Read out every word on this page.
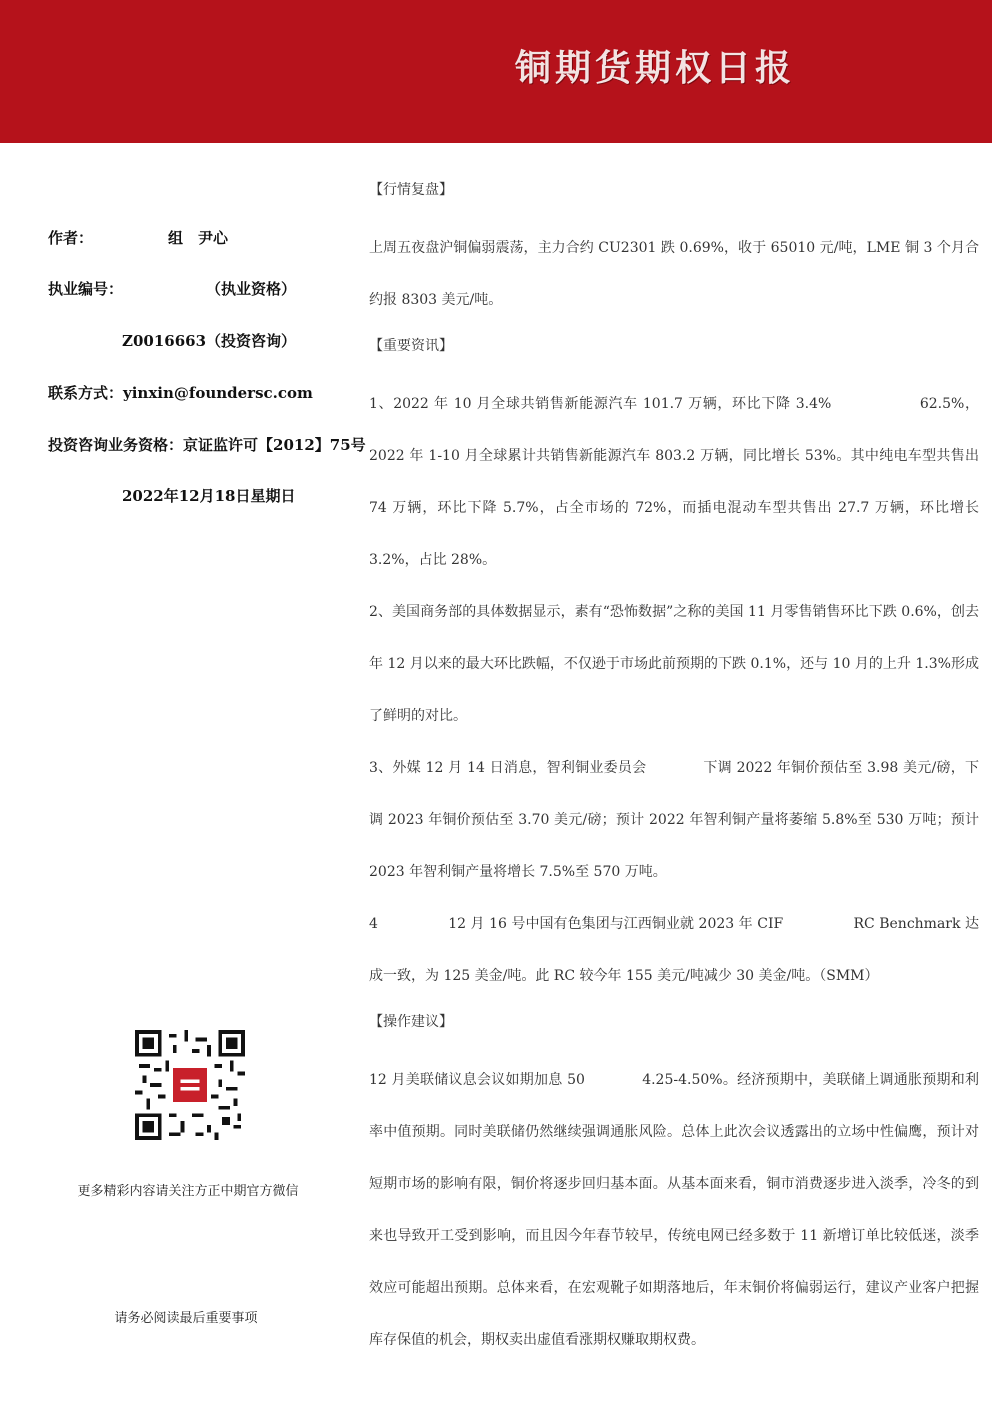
铜期货期权日报
作者：	组　尹心
执业编号：	（执业资格）
Z0016663（投资咨询）
联系方式：yinxin@foundersc.com
投资咨询业务资格：京证监许可【2012】75号
2022年12月18日星期日
更多精彩内容请关注方正中期官方微信
请务必阅读最后重要事项
【行情复盘】

上周五夜盘沪铜偏弱震荡，主力合约 CU2301 跌 0.69%，收于 65010 元/吨，LME 铜 3 个月合约报 8303 美元/吨。

【重要资讯】

1、2022 年 10 月全球共销售新能源汽车 101.7 万辆，环比下降 3.4%　　　　　　62.5%，2022 年 1-10 月全球累计共销售新能源汽车 803.2 万辆，同比增长 53%。其中纯电车型共售出 74 万辆，环比下降 5.7%，占全市场的 72%，而插电混动车型共售出 27.7 万辆，环比增长 3.2%，占比 28%。

2、美国商务部的具体数据显示，素有“恐怖数据”之称的美国 11 月零售销售环比下跌 0.6%，创去年 12 月以来的最大环比跌幅，不仅逊于市场此前预期的下跌 0.1%，还与 10 月的上升 1.3%形成了鲜明的对比。

3、外媒 12 月 14 日消息，智利铜业委员会　　　　下调 2022 年铜价预估至 3.98 美元/磅，下调 2023 年铜价预估至 3.70 美元/磅；预计 2022 年智利铜产量将萎缩 5.8%至 530 万吨；预计 2023 年智利铜产量将增长 7.5%至 570 万吨。

4　　　　　12 月 16 号中国有色集团与江西铜业就 2023 年 CIF　　　　　RC Benchmark 达成一致，为 125 美金/吨。此 RC 较今年 155 美元/吨减少 30 美金/吨。（SMM）

【操作建议】

12 月美联储议息会议如期加息 50　　　　4.25-4.50%。经济预期中，美联储上调通胀预期和利率中值预期。同时美联储仍然继续强调通胀风险。总体上此次会议透露出的立场中性偏鹰，预计对短期市场的影响有限，铜价将逐步回归基本面。从基本面来看，铜市消费逐步进入淡季，冷冬的到来也导致开工受到影响，而且因今年春节较早，传统电网已经多数于 11 新增订单比较低迷，淡季效应可能超出预期。总体来看，在宏观靴子如期落地后，年末铜价将偏弱运行，建议产业客户把握库存保值的机会，期权卖出虚值看涨期权赚取期权费。
